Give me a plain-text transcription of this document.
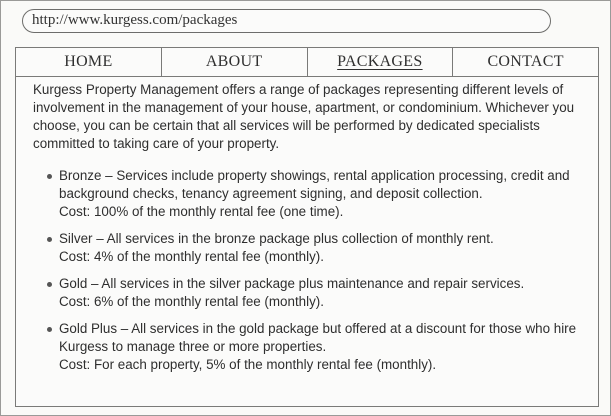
http://www.kurgess.com/packages
HOME	ABOUT	PACKAGES	CONTACT

Kurgess Property Management offers a range of packages representing different levels of involvement in the management of your house, apartment, or condominium. Whichever you choose, you can be certain that all services will be performed by dedicated specialists committed to taking care of your property.

Bronze – Services include property showings, rental application processing, credit and background checks, tenancy agreement signing, and deposit collection.
Cost: 100% of the monthly rental fee (one time).
Silver – All services in the bronze package plus collection of monthly rent.
Cost: 4% of the monthly rental fee (monthly).
Gold – All services in the silver package plus maintenance and repair services.
Cost: 6% of the monthly rental fee (monthly).
Gold Plus – All services in the gold package but offered at a discount for those who hire Kurgess to manage three or more properties.
Cost: For each property, 5% of the monthly rental fee (monthly).
